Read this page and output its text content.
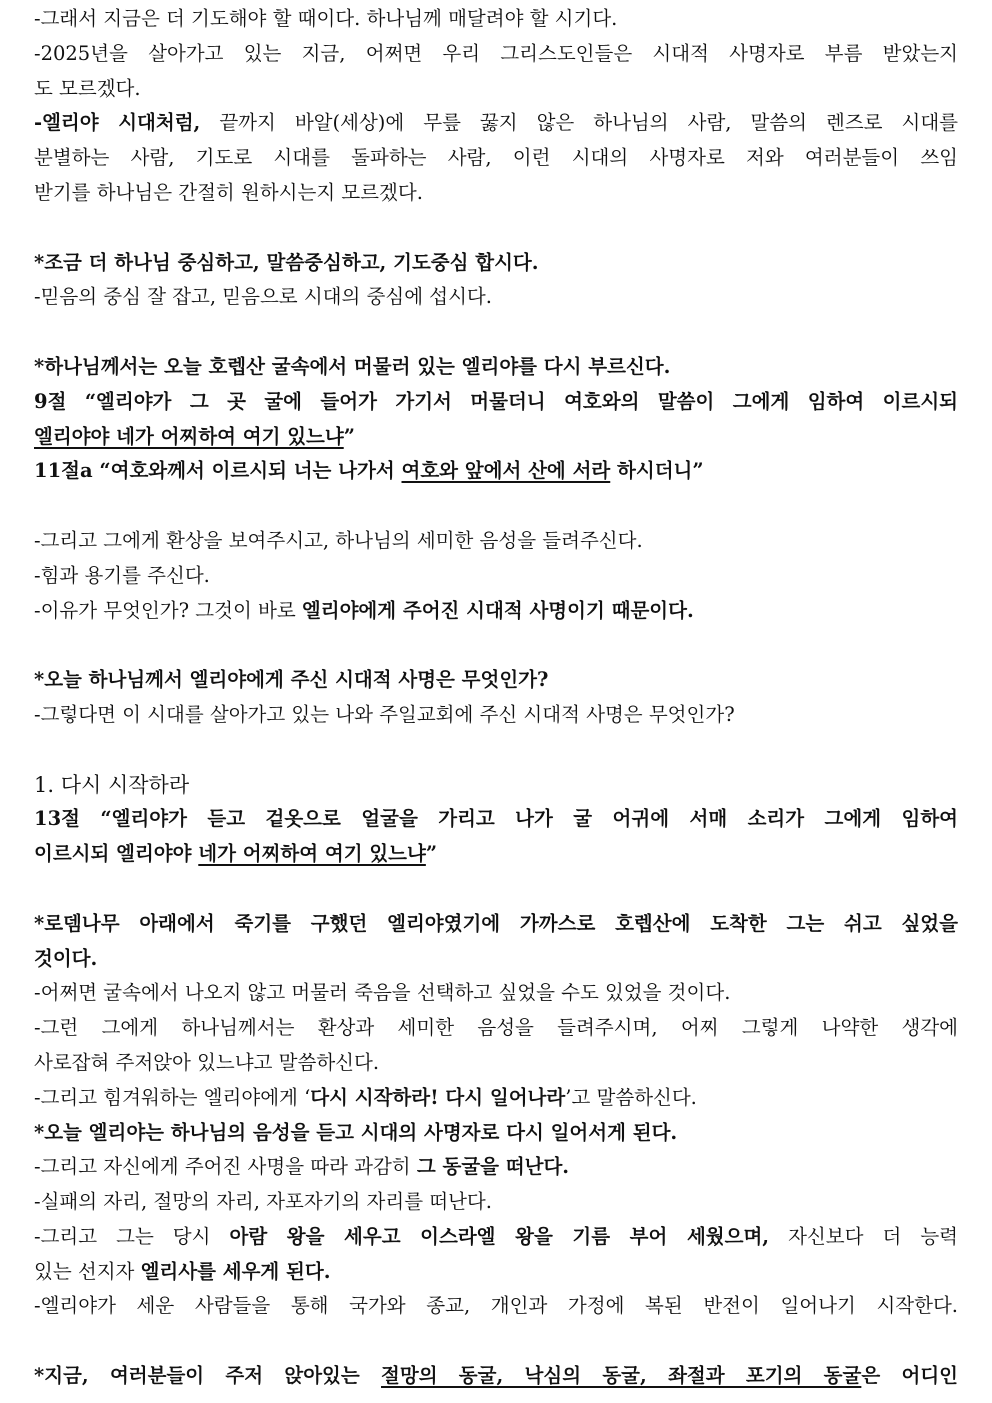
-그래서 지금은 더 기도해야 할 때이다. 하나님께 매달려야 할 시기다.

-2025년을 살아가고 있는 지금, 어쩌면 우리 그리스도인들은 시대적 사명자로 부름 받았는지

도 모르겠다.

-엘리야 시대처럼, 끝까지 바알(세상)에 무릎 꿇지 않은 하나님의 사람, 말씀의 렌즈로 시대를

분별하는 사람, 기도로 시대를 돌파하는 사람, 이런 시대의 사명자로 저와 여러분들이 쓰임

받기를 하나님은 간절히 원하시는지 모르겠다.

*조금 더 하나님 중심하고, 말씀중심하고, 기도중심 합시다.

-믿음의 중심 잘 잡고, 믿음으로 시대의 중심에 섭시다.

*하나님께서는 오늘 호렙산 굴속에서 머물러 있는 엘리야를 다시 부르신다.

9절 “엘리야가 그 곳 굴에 들어가 가기서 머물더니 여호와의 말씀이 그에게 임하여 이르시되

엘리야야 네가 어찌하여 여기 있느냐”

11절a “여호와께서 이르시되 너는 나가서 여호와 앞에서 산에 서라 하시더니”

-그리고 그에게 환상을 보여주시고, 하나님의 세미한 음성을 들려주신다.

-힘과 용기를 주신다.

-이유가 무엇인가? 그것이 바로 엘리야에게 주어진 시대적 사명이기 때문이다.

*오늘 하나님께서 엘리야에게 주신 시대적 사명은 무엇인가?

-그렇다면 이 시대를 살아가고 있는 나와 주일교회에 주신 시대적 사명은 무엇인가?

1. 다시 시작하라

13절 “엘리야가 듣고 겉옷으로 얼굴을 가리고 나가 굴 어귀에 서매 소리가 그에게 임하여

이르시되 엘리야야 네가 어찌하여 여기 있느냐”

*로뎀나무 아래에서 죽기를 구했던 엘리야였기에 가까스로 호렙산에 도착한 그는 쉬고 싶었을

것이다.

-어쩌면 굴속에서 나오지 않고 머물러 죽음을 선택하고 싶었을 수도 있었을 것이다.

-그런 그에게 하나님께서는 환상과 세미한 음성을 들려주시며, 어찌 그렇게 나약한 생각에

사로잡혀 주저앉아 있느냐고 말씀하신다.

-그리고 힘겨워하는 엘리야에게 ‘다시 시작하라! 다시 일어나라’고 말씀하신다.

*오늘 엘리야는 하나님의 음성을 듣고 시대의 사명자로 다시 일어서게 된다.

-그리고 자신에게 주어진 사명을 따라 과감히 그 동굴을 떠난다.

-실패의 자리, 절망의 자리, 자포자기의 자리를 떠난다.

-그리고 그는 당시 아람 왕을 세우고 이스라엘 왕을 기름 부어 세웠으며, 자신보다 더 능력

있는 선지자 엘리사를 세우게 된다.

-엘리야가 세운 사람들을 통해 국가와 종교, 개인과 가정에 복된 반전이 일어나기 시작한다.

*지금, 여러분들이 주저 앉아있는 절망의 동굴, 낙심의 동굴, 좌절과 포기의 동굴은 어디인
